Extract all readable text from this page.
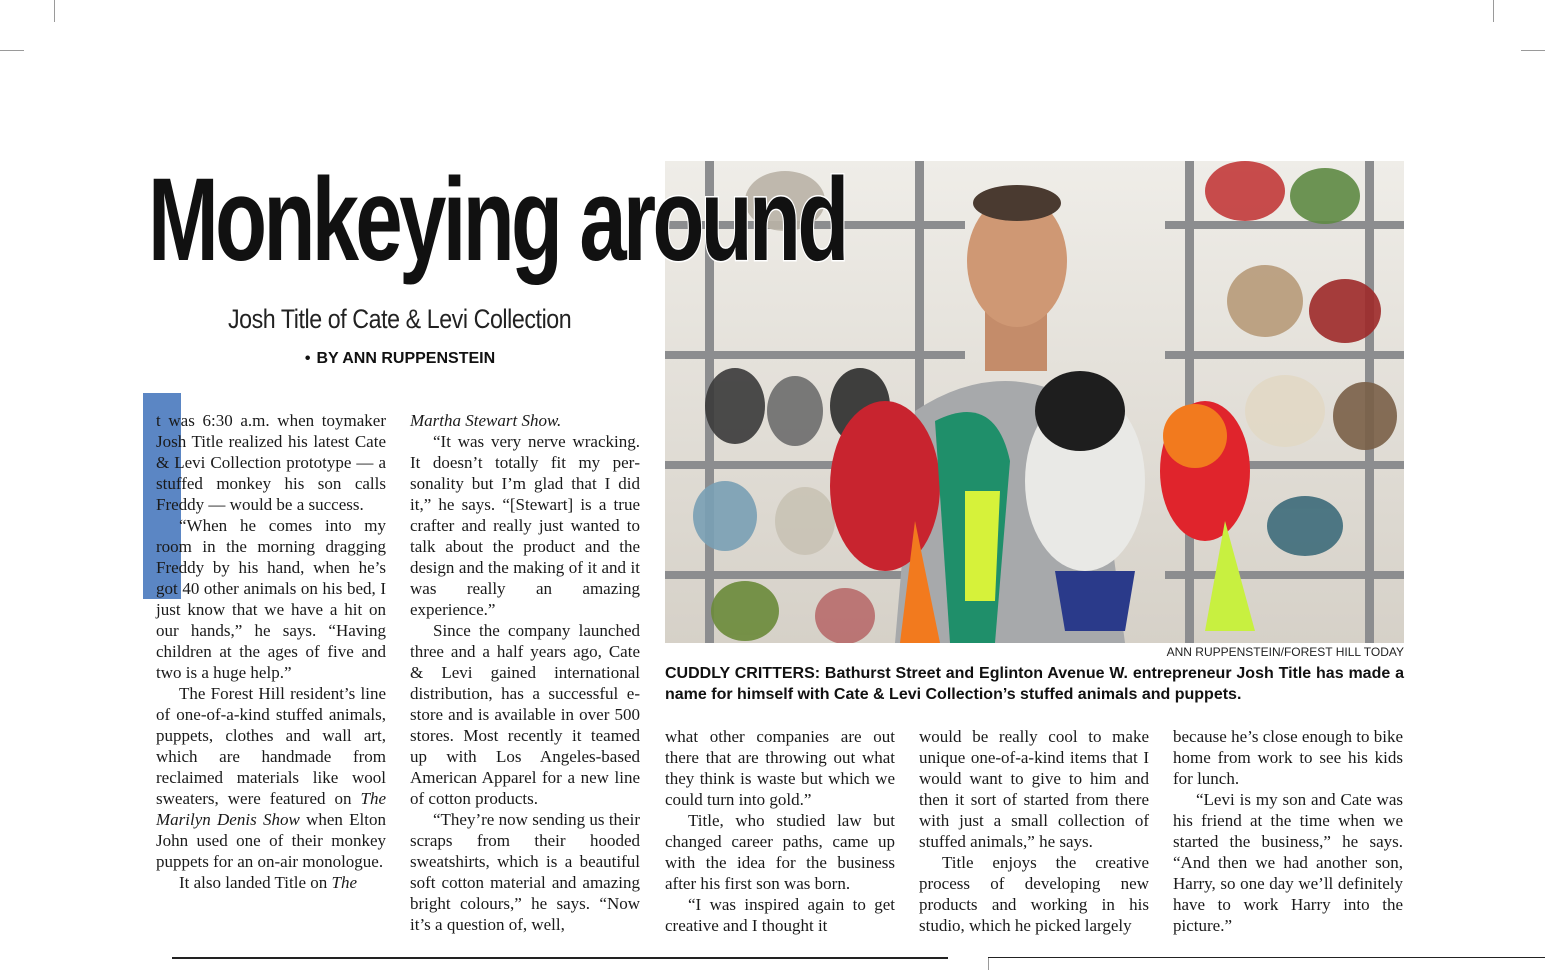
Monkeying around
Josh Title of Cate & Levi Collection
• BY ANN RUPPENSTEIN
ANN RUPPENSTEIN/FOREST HILL TODAY
CUDDLY CRITTERS: Bathurst Street and Eglinton Avenue W. entrepreneur Josh Title has made a name for himself with Cate & Levi Collection’s stuffed animals and puppets.

t was 6:30 a.m. when toymaker Josh Title realized his latest Cate & Levi Collection prototype — a stuffed monkey his son calls Freddy — would be a success.

“When he comes into my room in the morning dragging Freddy by his hand, when he’s got 40 other animals on his bed, I just know that we have a hit on our hands,” he says. “Having children at the ages of five and two is a huge help.”

The Forest Hill resident’s line of one-of-a-kind stuffed animals, puppets, clothes and wall art, which are handmade from reclaimed materials like wool sweaters, were featured on The Marilyn Denis Show when Elton John used one of their monkey puppets for an on-air monologue.

It also landed Title on The

Martha Stewart Show.

“It was very nerve wracking. It doesn’t totally fit my personality but I’m glad that I did it,” he says. “[Stewart] is a true crafter and really just wanted to talk about the product and the design and the making of it and it was really an amazing experience.”

Since the company launched three and a half years ago, Cate & Levi gained international distribution, has a successful e-store and is available in over 500 stores. Most recently it teamed up with Los Angeles-based American Apparel for a new line of cotton products.

“They’re now sending us their scraps from their hooded sweatshirts, which is a beautiful soft cotton material and amazing bright colours,” he says. “Now it’s a question of, well,

what other companies are out there that are throwing out what they think is waste but which we could turn into gold.”

Title, who studied law but changed career paths, came up with the idea for the business after his first son was born.

“I was inspired again to get creative and I thought it

would be really cool to make unique one-of-a-kind items that I would want to give to him and then it sort of started from there with just a small collection of stuffed animals,” he says.

Title enjoys the creative process of developing new products and working in his studio, which he picked largely

because he’s close enough to bike home from work to see his kids for lunch.

“Levi is my son and Cate was his friend at the time when we started the business,” he says. “And then we had another son, Harry, so one day we’ll definitely have to work Harry into the picture.”
